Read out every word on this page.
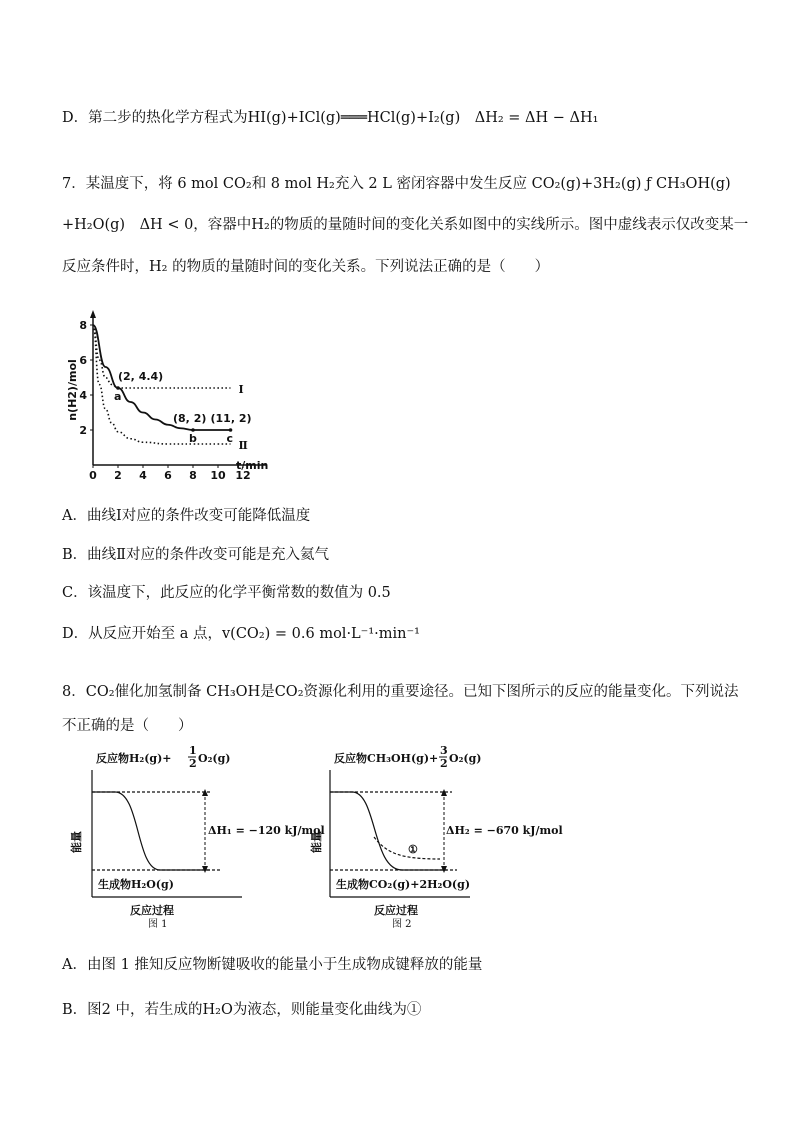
D．第二步的热化学方程式为HI(g)+ICl(g)═══HCl(g)+I₂(g)　ΔH₂ = ΔH − ΔH₁
7．某温度下，将 6 mol CO₂和 8 mol H₂充入 2 L 密闭容器中发生反应 CO₂(g)+3H₂(g) ƒ CH₃OH(g)
+H₂O(g)　ΔH < 0，容器中H₂的物质的量随时间的变化关系如图中的实线所示。图中虚线表示仅改变某一
反应条件时，H₂ 的物质的量随时间的变化关系。下列说法正确的是（　　）
n(H2)/mol
t/min
0 2 4 6 8 10 12
2
4
6
8
(2, 4.4)
a
(8, 2)
b
(11, 2)
c
Ⅰ
Ⅱ
A．曲线Ⅰ对应的条件改变可能降低温度
B．曲线Ⅱ对应的条件改变可能是充入氦气
C．该温度下，此反应的化学平衡常数的数值为 0.5
D．从反应开始至 a 点，v(CO₂) = 0.6 mol·L⁻¹·min⁻¹
8．CO₂催化加氢制备 CH₃OH是CO₂资源化利用的重要途径。已知下图所示的反应的能量变化。下列说法
不正确的是（　　）
反应物H₂(g)+
1
2 O₂(g)
ΔH₁ = −120 kJ/mol
能量
生成物H₂O(g)
反应过程
图 1
反应物CH₃OH(g)+
3
2 O₂(g)
①
ΔH₂ = −670 kJ/mol
能量
生成物CO₂(g)+2H₂O(g)
反应过程
图 2
A．由图 1 推知反应物断键吸收的能量小于生成物成键释放的能量
B．图2 中，若生成的H₂O为液态，则能量变化曲线为①
